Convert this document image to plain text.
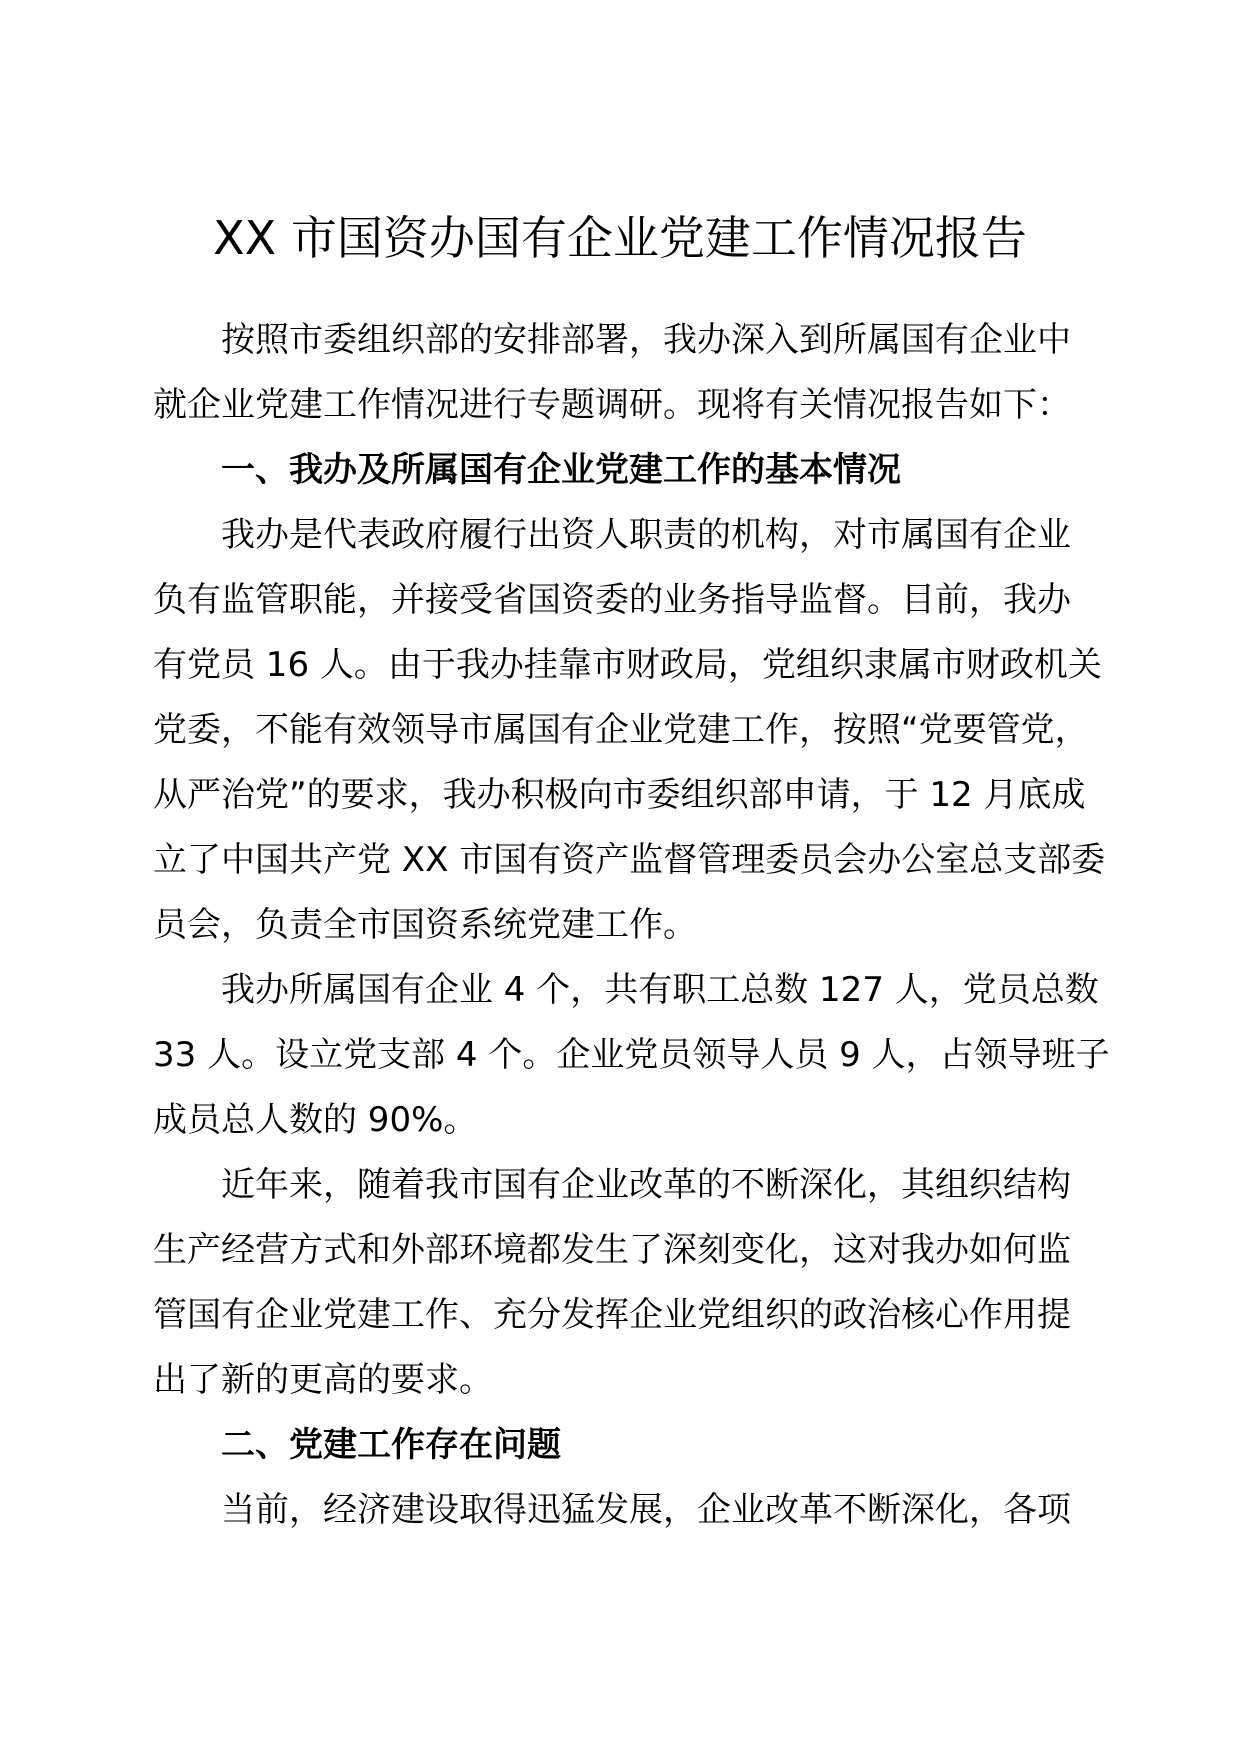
XX 市国资办国有企业党建工作情况报告

按照市委组织部的安排部署，我办深入到所属国有企业中
就企业党建工作情况进行专题调研。现将有关情况报告如下：

一、我办及所属国有企业党建工作的基本情况

我办是代表政府履行出资人职责的机构，对市属国有企业
负有监管职能，并接受省国资委的业务指导监督。目前，我办
有党员 16 人。由于我办挂靠市财政局，党组织隶属市财政机关
党委，不能有效领导市属国有企业党建工作，按照“党要管党，
从严治党”的要求，我办积极向市委组织部申请，于 12 月底成
立了中国共产党 XX 市国有资产监督管理委员会办公室总支部委
员会，负责全市国资系统党建工作。

我办所属国有企业 4 个，共有职工总数 127 人，党员总数
33 人。设立党支部 4 个。企业党员领导人员 9 人，占领导班子
成员总人数的 90%。

近年来，随着我市国有企业改革的不断深化，其组织结构
生产经营方式和外部环境都发生了深刻变化，这对我办如何监
管国有企业党建工作、充分发挥企业党组织的政治核心作用提
出了新的更高的要求。

二、党建工作存在问题

当前，经济建设取得迅猛发展，企业改革不断深化，各项
